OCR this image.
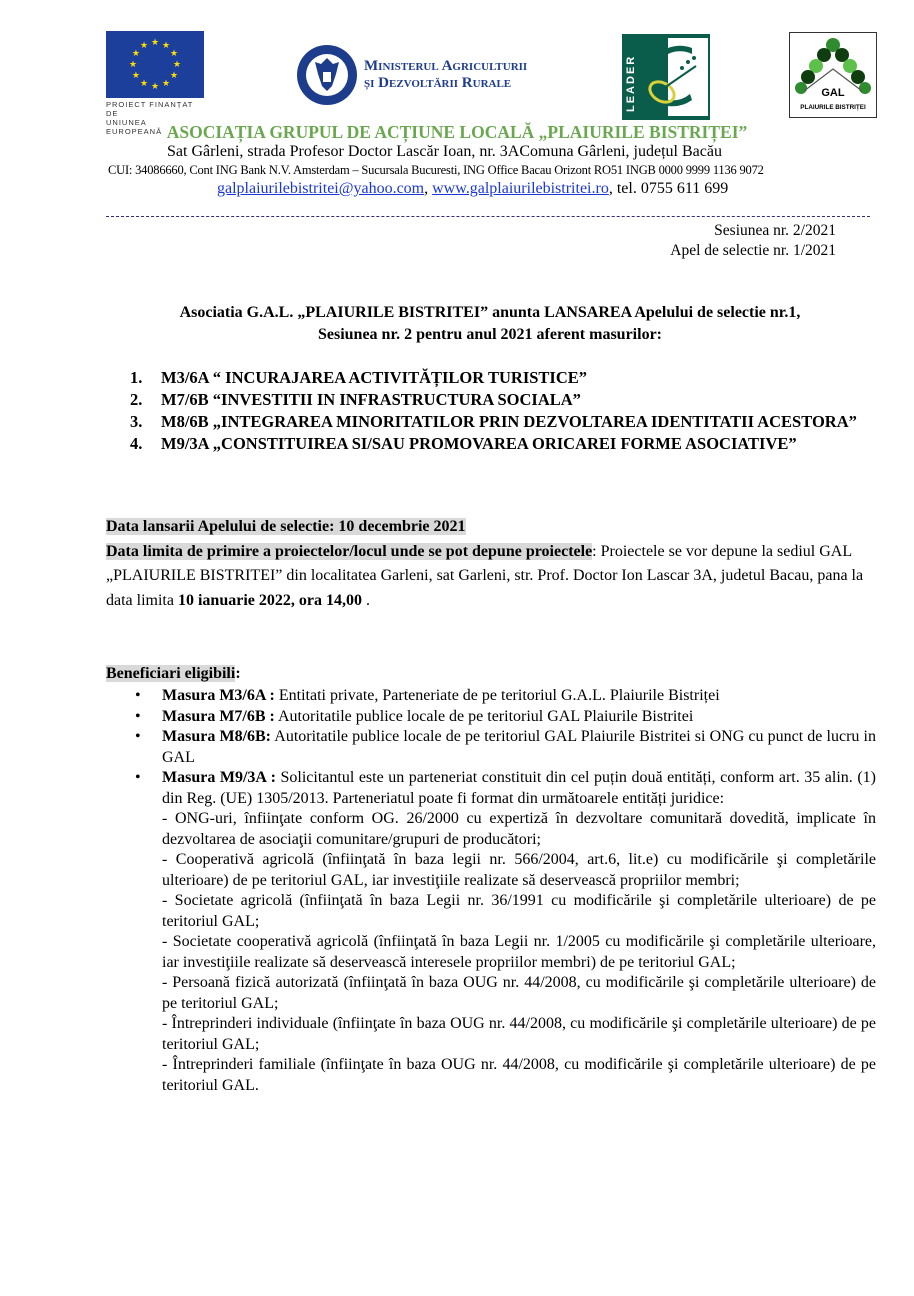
★ ★
★
★
★
★
★
★
★
★
★
★
PROIECT FINANȚAT DE
UNIUNEA EUROPEANĂ
Ministerul Agriculturii
și Dezvoltării Rurale	LEADER	GAL
PLAIURILE BISTRIȚEI
ASOCIAȚIA GRUPUL DE ACȚIUNE LOCALĂ „PLAIURILE BISTRIȚEI”
Sat Gârleni, strada Profesor Doctor Lascăr Ioan, nr. 3AComuna Gârleni, județul Bacău
CUI: 34086660, Cont ING Bank N.V. Amsterdam – Sucursala Bucuresti, ING Office Bacau Orizont RO51 INGB 0000 9999 1136 9072
galplaiurilebistritei@yahoo.com, www.galplaiurilebistritei.ro, tel. 0755 611 699
Sesiunea nr. 2/2021
Apel de selectie nr. 1/2021
Asociatia G.A.L. „PLAIURILE BISTRITEI” anunta LANSAREA Apelului de selectie nr.1,
Sesiunea nr. 2 pentru anul 2021 aferent masurilor:
1. M3/6A “ INCURAJAREA ACTIVITĂȚILOR TURISTICE”
2. M7/6B “INVESTITII IN INFRASTRUCTURA SOCIALA”
3. M8/6B „INTEGRAREA MINORITATILOR PRIN DEZVOLTAREA IDENTITATII ACESTORA”
4. M9/3A „CONSTITUIREA SI/SAU PROMOVAREA ORICAREI FORME ASOCIATIVE”
Data lansarii Apelului de selectie: 10 decembrie 2021
Data limita de primire a proiectelor/locul unde se pot depune proiectele: Proiectele se vor depune la sediul GAL „PLAIURILE BISTRITEI” din localitatea Garleni, sat Garleni, str. Prof. Doctor Ion Lascar 3A, judetul Bacau, pana la data limita 10 ianuarie 2022, ora 14,00 .
Beneficiari eligibili:
• Masura M3/6A : Entitati private, Parteneriate de pe teritoriul G.A.L. Plaiurile Bistriței
• Masura M7/6B : Autoritatile publice locale de pe teritoriul GAL Plaiurile Bistritei
• Masura M8/6B: Autoritatile publice locale de pe teritoriul GAL Plaiurile Bistritei si ONG cu punct de lucru in GAL
• Masura M9/3A : Solicitantul este un parteneriat constituit din cel puțin două entități, conform art. 35 alin. (1) din Reg. (UE) 1305/2013. Parteneriatul poate fi format din următoarele entități juridice:
- ONG-uri, înfiinţate conform OG. 26/2000 cu expertiză în dezvoltare comunitară dovedită, implicate în dezvoltarea de asociaţii comunitare/grupuri de producători;
- Cooperativă agricolă (înfiinţată în baza legii nr. 566/2004, art.6, lit.e) cu modificările şi completările ulterioare) de pe teritoriul GAL, iar investiţiile realizate să deservească propriilor membri;
- Societate agricolă (înfiinţată în baza Legii nr. 36/1991 cu modificările şi completările ulterioare) de pe teritoriul GAL;
- Societate cooperativă agricolă (înfiinţată în baza Legii nr. 1/2005 cu modificările şi completările ulterioare, iar investiţiile realizate să deservească interesele propriilor membri) de pe teritoriul GAL;
- Persoană fizică autorizată (înfiinţată în baza OUG nr. 44/2008, cu modificările şi completările ulterioare) de pe teritoriul GAL;
- Întreprinderi individuale (înfiinţate în baza OUG nr. 44/2008, cu modificările şi completările ulterioare) de pe teritoriul GAL;
- Întreprinderi familiale (înfiinţate în baza OUG nr. 44/2008, cu modificările şi completările ulterioare) de pe teritoriul GAL.
